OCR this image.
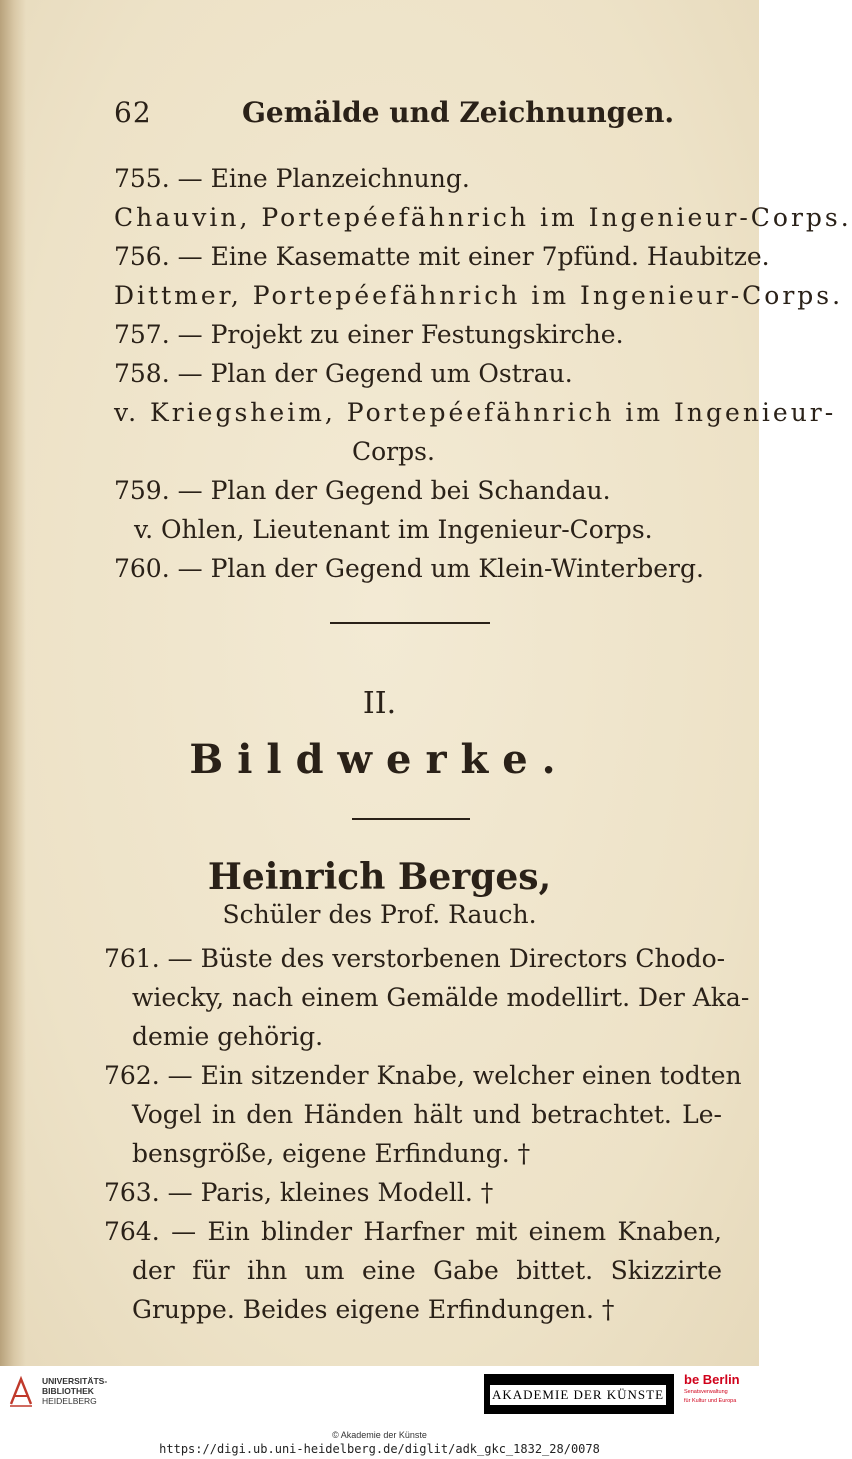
62	Gemälde und Zeichnungen.
755. — Eine Planzeichnung.
Chauvin, Portepéefähnrich im Ingenieur-Corps.
756. — Eine Kasematte mit einer 7pfünd. Haubitze.
Dittmer, Portepéefähnrich im Ingenieur-Corps.
757. — Projekt zu einer Festungskirche.
758. — Plan der Gegend um Ostrau.
v. Kriegsheim, Portepéefähnrich im Ingenieur-
Corps.
759. — Plan der Gegend bei Schandau.
v. Ohlen, Lieutenant im Ingenieur-Corps.
760. — Plan der Gegend um Klein-Winterberg.
II.
Bildwerke.
Heinrich Berges,
Schüler des Prof. Rauch.
761. — Büste des verstorbenen Directors Chodo-
wiecky, nach einem Gemälde modellirt. Der Aka-
demie gehörig.
762. — Ein sitzender Knabe, welcher einen todten
Vogel in den Händen hält und betrachtet. Le-
bensgröße, eigene Erfindung. †
763. — Paris, kleines Modell. †
764. — Ein blinder Harfner mit einem Knaben,
der für ihn um eine Gabe bittet. Skizzirte
Gruppe. Beides eigene Erfindungen. †
UNIVERSITÄTS-
BIBLIOTHEK
HEIDELBERG	AKADEMIE DER KÜNSTE
be Berlin
Senatsverwaltung
für Kultur und Europa
© Akademie der Künste
https://digi.ub.uni-heidelberg.de/diglit/adk_gkc_1832_28/0078
